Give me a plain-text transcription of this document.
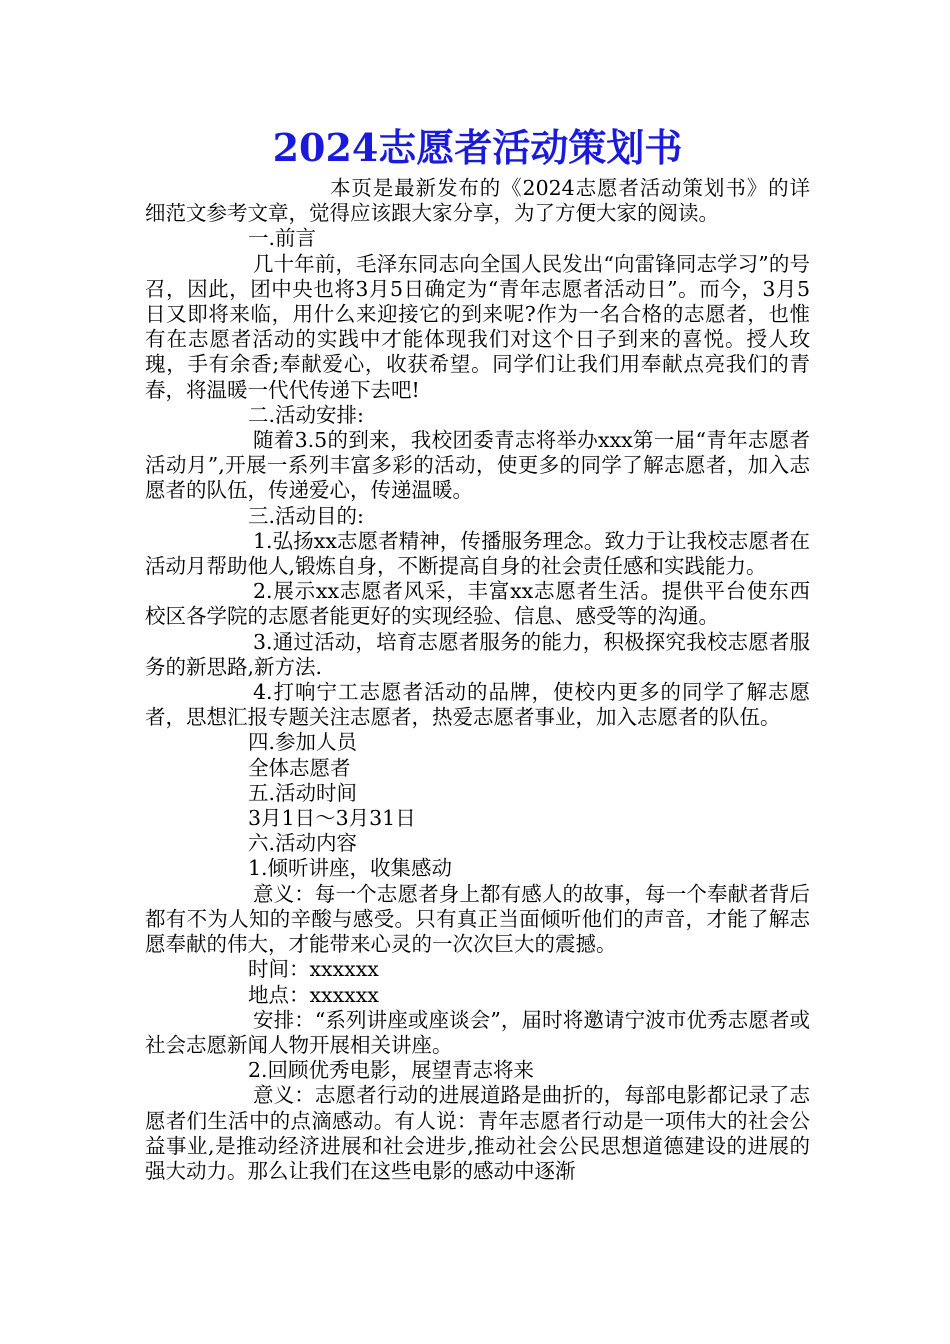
2024志愿者活动策划书

本页是最新发布的《2024志愿者活动策划书》的详细范文参考文章，觉得应该跟大家分享，为了方便大家的阅读。

一.前言

几十年前，毛泽东同志向全国人民发出“向雷锋同志学习”的号召，因此，团中央也将3月5日确定为“青年志愿者活动日”。而今，3月5日又即将来临，用什么来迎接它的到来呢?作为一名合格的志愿者，也惟有在志愿者活动的实践中才能体现我们对这个日子到来的喜悦。授人玫瑰，手有余香;奉献爱心，收获希望。同学们让我们用奉献点亮我们的青春，将温暖一代代传递下去吧!

二.活动安排:

随着3.5的到来，我校团委青志将举办xxx第一届“青年志愿者活动月”,开展一系列丰富多彩的活动，使更多的同学了解志愿者，加入志愿者的队伍，传递爱心，传递温暖。

三.活动目的:

1.弘扬xx志愿者精神，传播服务理念。致力于让我校志愿者在活动月帮助他人,锻炼自身，不断提高自身的社会责任感和实践能力。

2.展示xx志愿者风采，丰富xx志愿者生活。提供平台使东西校区各学院的志愿者能更好的实现经验、信息、感受等的沟通。

3.通过活动，培育志愿者服务的能力，积极探究我校志愿者服务的新思路,新方法.

4.打响宁工志愿者活动的品牌，使校内更多的同学了解志愿者，思想汇报专题关注志愿者，热爱志愿者事业，加入志愿者的队伍。

四.参加人员

全体志愿者

五.活动时间

3月1日～3月31日

六.活动内容

1.倾听讲座，收集感动

意义：每一个志愿者身上都有感人的故事，每一个奉献者背后都有不为人知的辛酸与感受。只有真正当面倾听他们的声音，才能了解志愿奉献的伟大，才能带来心灵的一次次巨大的震撼。

时间：xxxxxx

地点：xxxxxx

安排：“系列讲座或座谈会”，届时将邀请宁波市优秀志愿者或社会志愿新闻人物开展相关讲座。

2.回顾优秀电影，展望青志将来

意义：志愿者行动的进展道路是曲折的，每部电影都记录了志愿者们生活中的点滴感动。有人说：青年志愿者行动是一项伟大的社会公益事业,是推动经济进展和社会进步,推动社会公民思想道德建设的进展的强大动力。那么让我们在这些电影的感动中逐渐
